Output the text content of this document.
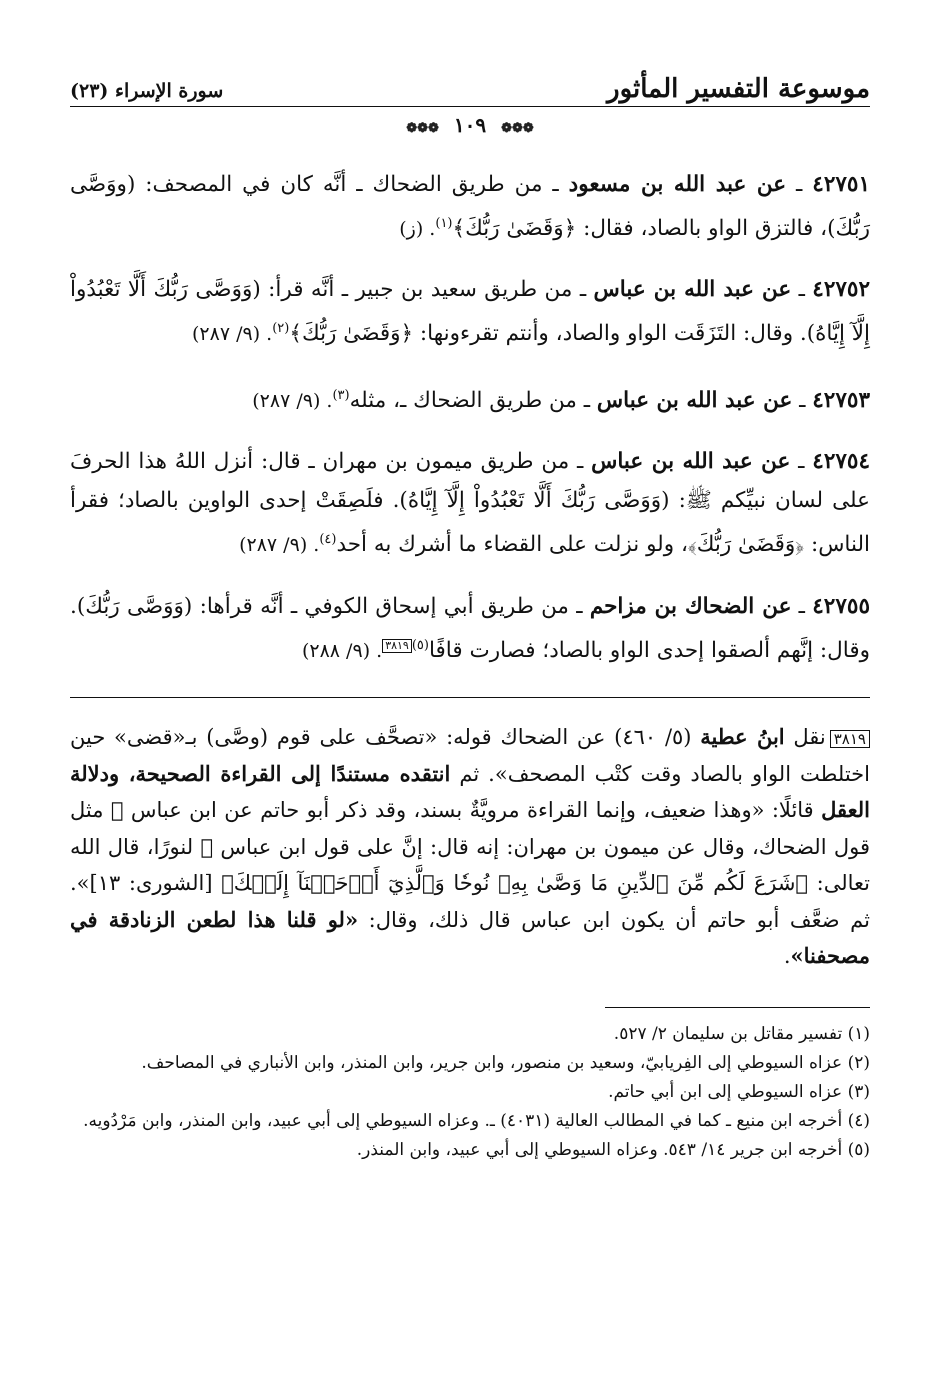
موسوعة التفسير المأثور
سورة الإسراء (٢٣)
❁❁❁ ١٠٩ ❁❁❁

٤٢٧٥١ ـ عن عبد الله بن مسعود ـ من طريق الضحاك ـ أنَّه كان في المصحف: (ووَصَّى رَبُّكَ)، فالتزق الواو بالصاد، فقال: ﴿وَقَضَىٰ رَبُّكَ﴾$^{(١)}$. (ز)

٤٢٧٥٢ ـ عن عبد الله بن عباس ـ من طريق سعيد بن جبير ـ أنَّه قرأ: (وَوَصَّى رَبُّكَ أَلَّا تَعْبُدُواْ إِلَّآ إِيَّاهُ). وقال: التَزَقَت الواو والصاد، وأنتم تقرءونها: ﴿وَقَضَىٰ رَبُّكَ﴾$^{(٢)}$. (٩/ ٢٨٧)

٤٢٧٥٣ ـ عن عبد الله بن عباس ـ من طريق الضحاك ـ، مثله$^{(٣)}$. (٩/ ٢٨٧)

٤٢٧٥٤ ـ عن عبد الله بن عباس ـ من طريق ميمون بن مهران ـ قال: أنزل اللهُ هذا الحرفَ على لسان نبيِّكم ﷺ: (وَوَصَّى رَبُّكَ أَلَّا تَعْبُدُواْ إِلَّآ إِيَّاهُ). فلَصِقَتْ إحدى الواوين بالصاد؛ فقرأ الناس: ﴿وَقَضَىٰ رَبُّكَ﴾، ولو نزلت على القضاء ما أشرك به أحد$^{(٤)}$. (٩/ ٢٨٧)

٤٢٧٥٥ ـ عن الضحاك بن مزاحم ـ من طريق أبي إسحاق الكوفي ـ أنَّه قرأها: (وَوَصَّى رَبُّكَ). وقال: إنَّهم ألصقوا إحدى الواو بالصاد؛ فصارت قافًا$^{(٥)}$٣٨١٩. (٩/ ٢٨٨)

٣٨١٩نقل ابنُ عطية (٥/ ٤٦٠) عن الضحاك قوله: «تصحَّف على قوم (وصَّى) بـ«قضى» حين اختلطت الواو بالصاد وقت كتْب المصحف». ثم انتقده مستندًا إلى القراءة الصحيحة، ودلالة العقل قائلًا: «وهذا ضعيف، وإنما القراءة مرويَّةٌ بسند، وقد ذكر أبو حاتم عن ابن عباس ﵁ مثل قول الضحاك، وقال عن ميمون بن مهران: إنه قال: إنَّ على قول ابن عباس ﵁ لنورًا، قال الله تعالى: ﴿شَرَعَ لَكُم مِّنَ ٱلدِّينِ مَا وَصَّىٰ بِهِۦ نُوحٗا وَٱلَّذِيٓ أَوۡحَيۡنَآ إِلَيۡكَ﴾ [الشورى: ١٣]». ثم ضعَّف أبو حاتم أن يكون ابن عباس قال ذلك، وقال: «لو قلنا هذا لطعن الزنادقة في مصحفنا».

(١) تفسير مقاتل بن سليمان ٢/ ٥٢٧.
(٢) عزاه السيوطي إلى الفِريابيّ، وسعيد بن منصور، وابن جرير، وابن المنذر، وابن الأنباري في المصاحف.
(٣) عزاه السيوطي إلى ابن أبي حاتم.
(٤) أخرجه ابن منيع ـ كما في المطالب العالية (٤٠٣١) ـ. وعزاه السيوطي إلى أبي عبيد، وابن المنذر، وابن مَرْدُويه.
(٥) أخرجه ابن جرير ١٤/ ٥٤٣. وعزاه السيوطي إلى أبي عبيد، وابن المنذر.
